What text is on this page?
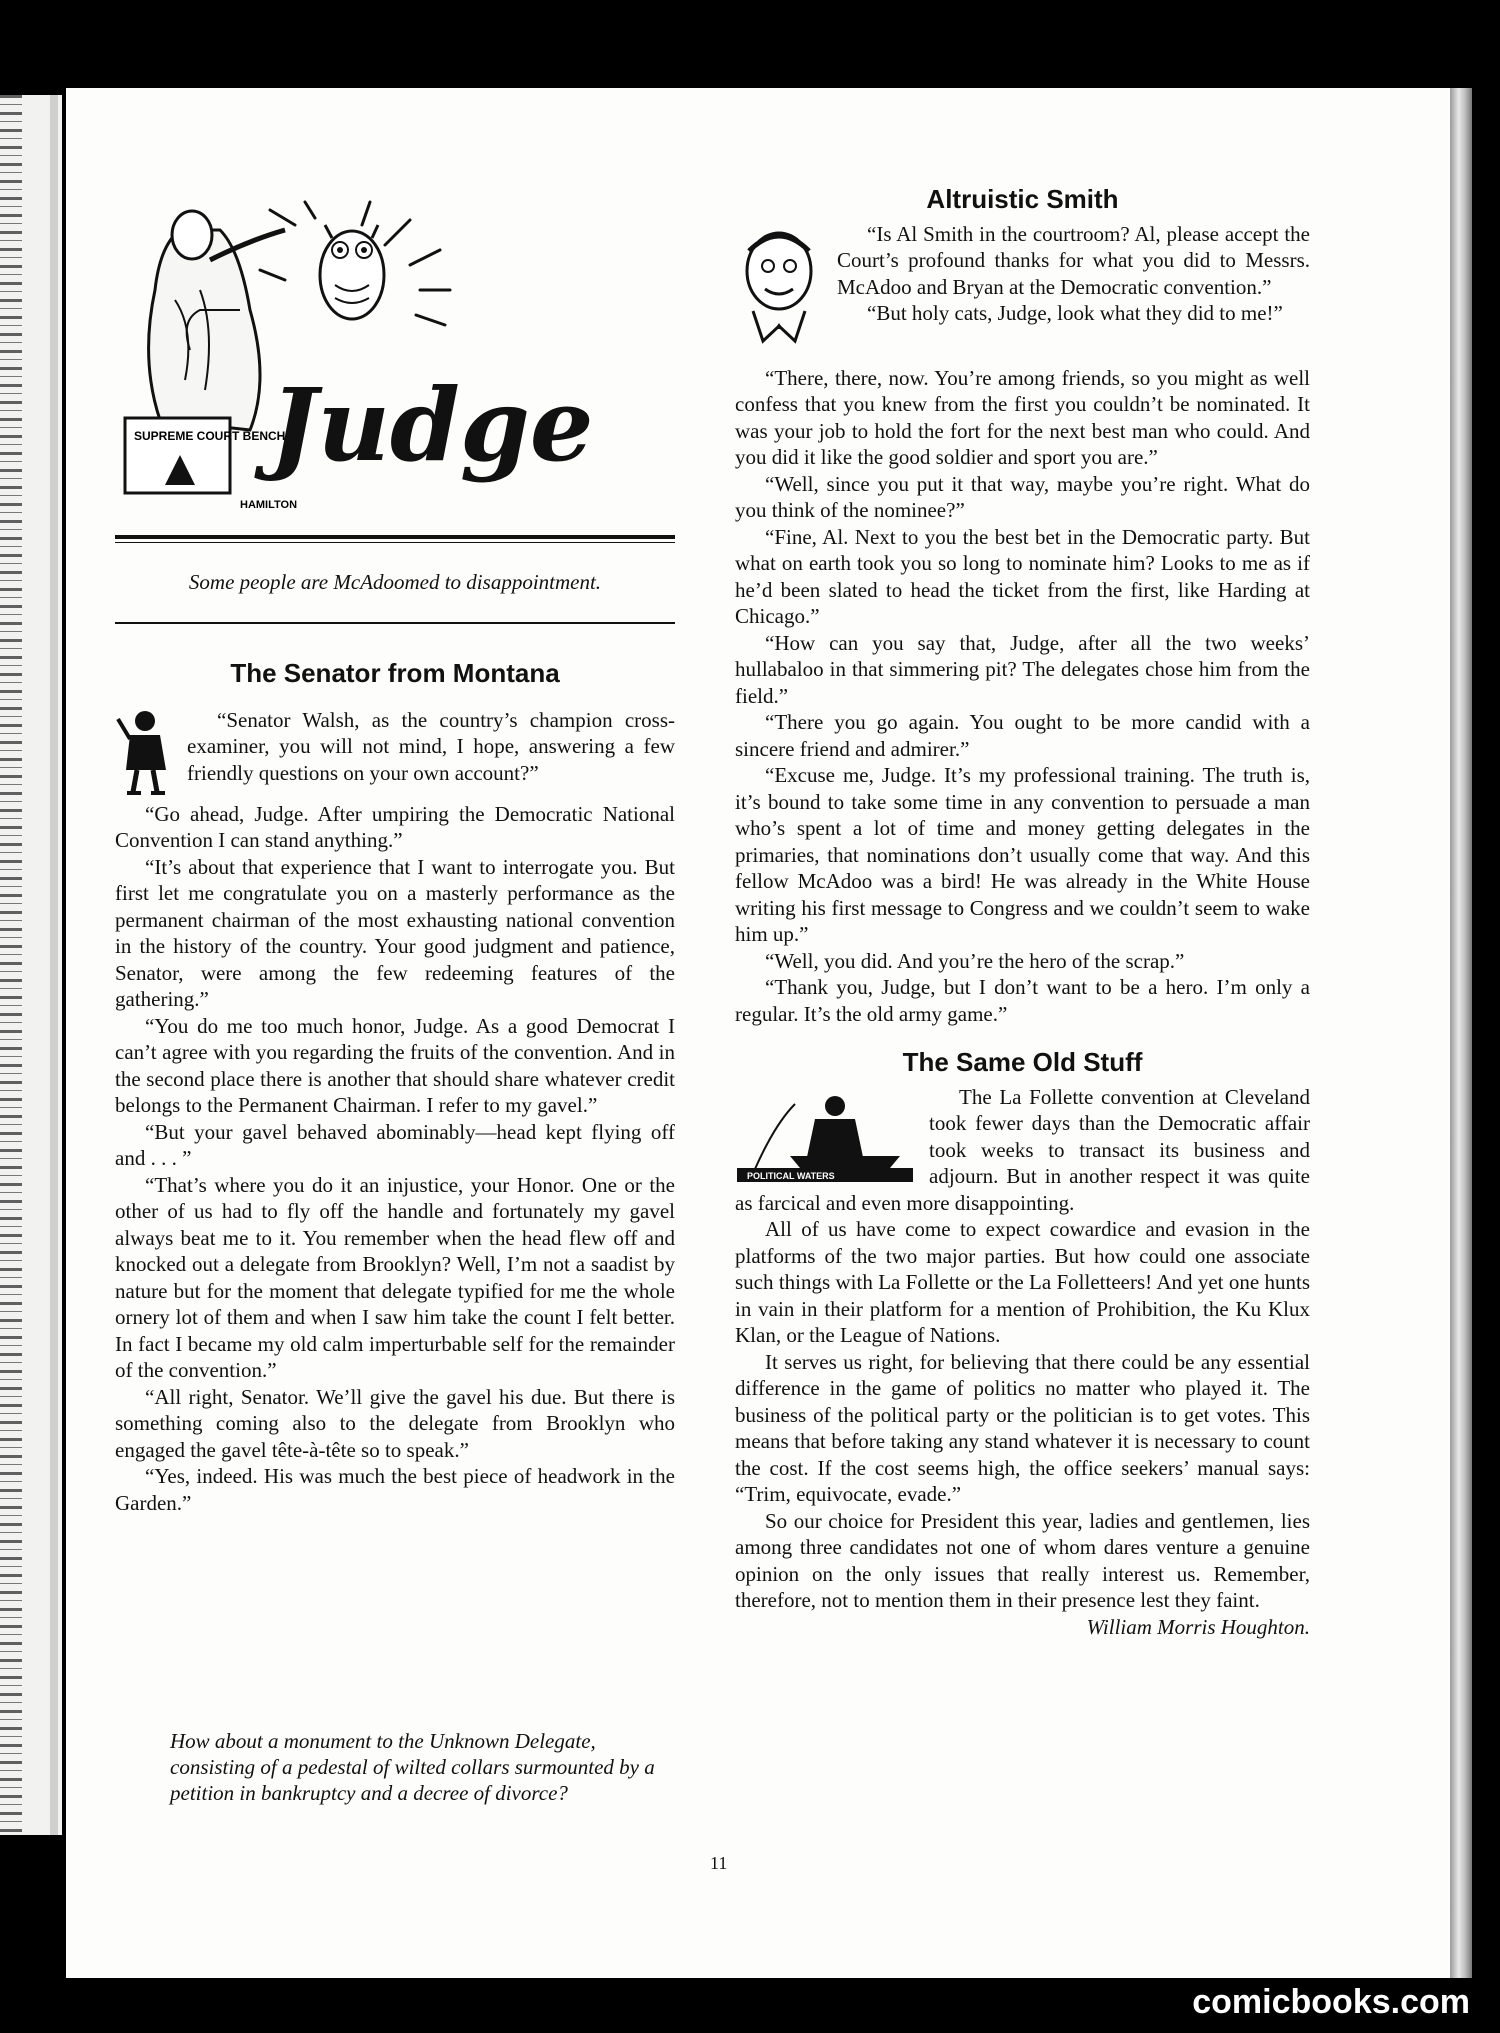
SUPREME COURT BENCH
Judge
HAMILTON
Some people are McAdoomed to disappointment.
The Senator from Montana

“Senator Walsh, as the country’s champion cross-examiner, you will not mind, I hope, answering a few friendly questions on your own account?”

“Go ahead, Judge. After umpiring the Democratic National Convention I can stand anything.”

“It’s about that experience that I want to interrogate you. But first let me congratulate you on a masterly performance as the permanent chairman of the most exhausting national convention in the history of the country. Your good judgment and patience, Senator, were among the few redeeming features of the gathering.”

“You do me too much honor, Judge. As a good Democrat I can’t agree with you regarding the fruits of the convention. And in the second place there is another that should share whatever credit belongs to the Permanent Chairman. I refer to my gavel.”

“But your gavel behaved abominably—head kept flying off and . . . ”

“That’s where you do it an injustice, your Honor. One or the other of us had to fly off the handle and fortunately my gavel always beat me to it. You remember when the head flew off and knocked out a delegate from Brooklyn? Well, I’m not a saadist by nature but for the moment that delegate typified for me the whole ornery lot of them and when I saw him take the count I felt better. In fact I became my old calm imperturbable self for the remainder of the convention.”

“All right, Senator. We’ll give the gavel his due. But there is something coming also to the delegate from Brooklyn who engaged the gavel tête-à-tête so to speak.”

“Yes, indeed. His was much the best piece of headwork in the Garden.”

How about a monument to the Unknown Delegate, consisting of a pedestal of wilted collars surmounted by a petition in bankruptcy and a decree of divorce?
Altruistic Smith

“Is Al Smith in the courtroom? Al, please accept the Court’s profound thanks for what you did to Messrs. McAdoo and Bryan at the Democratic convention.”

“But holy cats, Judge, look what they did to me!”

“There, there, now. You’re among friends, so you might as well confess that you knew from the first you couldn’t be nominated. It was your job to hold the fort for the next best man who could. And you did it like the good soldier and sport you are.”

“Well, since you put it that way, maybe you’re right. What do you think of the nominee?”

“Fine, Al. Next to you the best bet in the Democratic party. But what on earth took you so long to nominate him? Looks to me as if he’d been slated to head the ticket from the first, like Harding at Chicago.”

“How can you say that, Judge, after all the two weeks’ hullabaloo in that simmering pit? The delegates chose him from the field.”

“There you go again. You ought to be more candid with a sincere friend and admirer.”

“Excuse me, Judge. It’s my professional training. The truth is, it’s bound to take some time in any convention to persuade a man who’s spent a lot of time and money getting delegates in the primaries, that nominations don’t usually come that way. And this fellow McAdoo was a bird! He was already in the White House writing his first message to Congress and we couldn’t seem to wake him up.”

“Well, you did. And you’re the hero of the scrap.”

“Thank you, Judge, but I don’t want to be a hero. I’m only a regular. It’s the old army game.”

The Same Old Stuff
POLITICAL WATERS

The La Follette convention at Cleveland took fewer days than the Democratic affair took weeks to transact its business and adjourn. But in another respect it was quite as farcical and even more disappointing.

All of us have come to expect cowardice and evasion in the platforms of the two major parties. But how could one associate such things with La Follette or the La Folletteers! And yet one hunts in vain in their platform for a mention of Prohibition, the Ku Klux Klan, or the League of Nations.

It serves us right, for believing that there could be any essential difference in the game of politics no matter who played it. The business of the political party or the politician is to get votes. This means that before taking any stand whatever it is necessary to count the cost. If the cost seems high, the office seekers’ manual says: “Trim, equivocate, evade.”

So our choice for President this year, ladies and gentlemen, lies among three candidates not one of whom dares venture a genuine opinion on the only issues that really interest us. Remember, therefore, not to mention them in their presence lest they faint.

William Morris Houghton.
11
comicbooks.com
